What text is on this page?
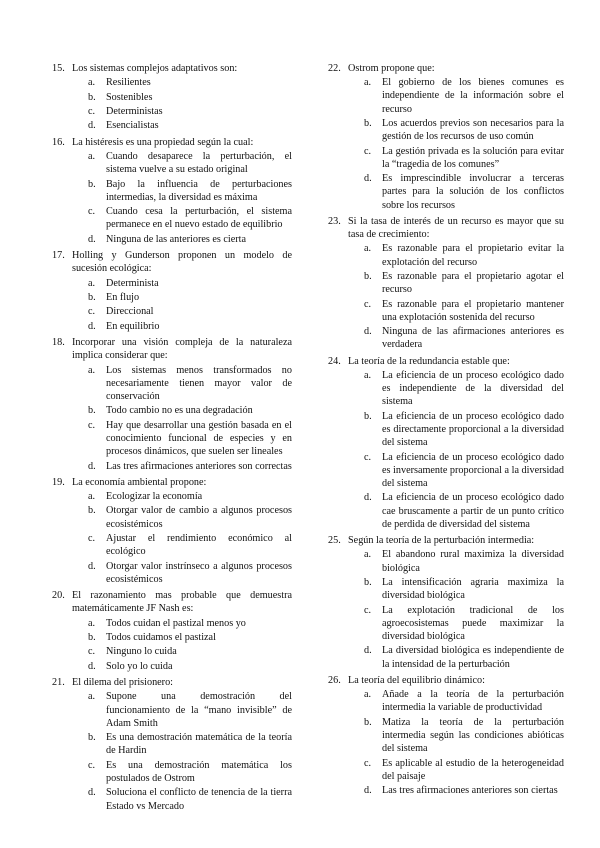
15. Los sistemas complejos adaptativos son:
a.	Resilientes
b.	Sostenibles
c.	Deterministas
d.	Esencialistas
16. La histéresis es una propiedad según la cual:
a.	Cuando desaparece la perturbación, el sistema vuelve a su estado original
b.	Bajo la influencia de perturbaciones intermedias, la diversidad es máxima
c.	Cuando cesa la perturbación, el sistema permanece en el nuevo estado de equilibrio
d.	Ninguna de las anteriores es cierta
17. Holling y Gunderson proponen un modelo de sucesión ecológica:
a.	Determinista
b.	En flujo
c.	Direccional
d.	En equilibrio
18. Incorporar una visión compleja de la naturaleza implica considerar que:
a.	Los sistemas menos transformados no necesariamente tienen mayor valor de conservación
b.	Todo cambio no es una degradación
c.	Hay que desarrollar una gestión basada en el conocimiento funcional de especies y en procesos dinámicos, que suelen ser lineales
d.	Las tres afirmaciones anteriores son correctas
19. La economía ambiental propone:
a.	Ecologizar la economía
b.	Otorgar valor de cambio a algunos procesos ecosistémicos
c.	Ajustar el rendimiento económico al ecológico
d.	Otorgar valor instrínseco a algunos procesos ecosistémicos
20. El razonamiento mas probable que demuestra matemáticamente JF Nash es:
a.	Todos cuidan el pastizal menos yo
b.	Todos cuidamos el pastizal
c.	Ninguno lo cuida
d.	Solo yo lo cuida
21. El dilema del prisionero:
a.	Supone una demostración del funcionamiento de la “mano invisible” de Adam Smith
b.	Es una demostración matemática de la teoría de Hardin
c.	Es una demostración matemática los postulados de Ostrom
d.	Soluciona el conflicto de tenencia de la tierra Estado vs Mercado
22. Ostrom propone que:
a.	El gobierno de los bienes comunes es independiente de la información sobre el recurso
b.	Los acuerdos previos son necesarios para la gestión de los recursos de uso común
c.	La gestión privada es la solución para evitar la “tragedia de los comunes”
d.	Es imprescindible involucrar a terceras partes para la solución de los conflictos sobre los recursos
23. Si la tasa de interés de un recurso es mayor que su tasa de crecimiento:
a.	Es razonable para el propietario evitar la explotación del recurso
b.	Es razonable para el propietario agotar el recurso
c.	Es razonable para el propietario mantener una explotación sostenida del recurso
d.	Ninguna de las afirmaciones anteriores es verdadera
24. La teoría de la redundancia estable que:
a.	La eficiencia de un proceso ecológico dado es independiente de la diversidad del sistema
b.	La eficiencia de un proceso ecológico dado es directamente proporcional a la diversidad del sistema
c.	La eficiencia de un proceso ecológico dado es inversamente proporcional a la diversidad del sistema
d.	La eficiencia de un proceso ecológico dado cae bruscamente a partir de un punto crítico de perdida de diversidad del sistema
25. Según la teoría de la perturbación intermedia:
a.	El abandono rural maximiza la diversidad biológica
b.	La intensificación agraria maximiza la diversidad biológica
c.	La explotación tradicional de los agroecosistemas puede maximizar la diversidad biológica
d.	La diversidad biológica es independiente de la intensidad de la perturbación
26. La teoría del equilibrio dinámico:
a.	Añade a la teoría de la perturbación intermedia la variable de productividad
b.	Matiza la teoría de la perturbación intermedia según las condiciones abióticas del sistema
c.	Es aplicable al estudio de la heterogeneidad del paisaje
d.	Las tres afirmaciones anteriores son ciertas
